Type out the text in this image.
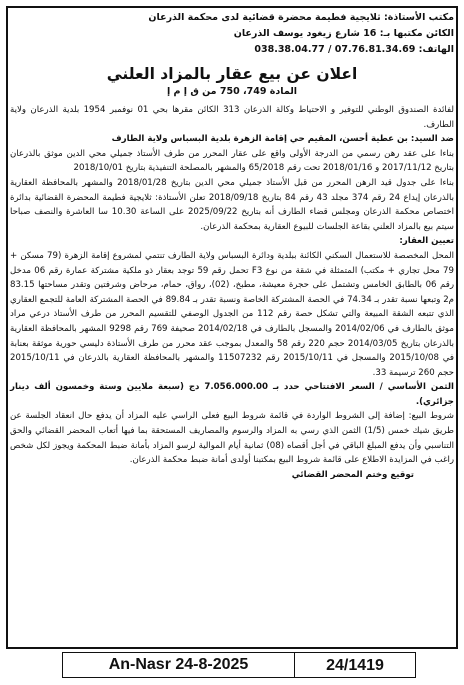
مكتب الأستاذة: ثلايجية فطيمة محضرة قضائية لدى محكمة الذرعان
الكائن مكتبها بـ: 16 شارع زيغود يوسف الذرعان
الهاتف: 07.76.81.34.69 / 038.38.04.77
اعلان عن بيع عقار بالمزاد العلني
المادة 749، 750 من ق إ م إ

لفائدة الصندوق الوطني للتوفير و الاحتياط وكالة الذرعان 313 الكائن مقرها بحي 01 نوفمبر 1954 بلدية الذرعان ولاية الطارف.

ضد السيد: بن عطية أحسن، المقيم حي إقامة الزهرة بلدية البسباس ولاية الطارف

بناءا على عقد رهن رسمي من الدرجة الأولى واقع على عقار المحرر من طرف الأستاذ جميلي محي الدين موثق بالذرعان بتاريخ 2017/11/12 و 2018/01/16 تحت رقم 65/2018 والمشهر بالمصلحة التنفيذية بتاريخ 2018/10/01

بناءا على جدول قيد الرهن المحرر من قبل الأستاذ جميلي محي الدين بتاريخ 2018/01/28 والمشهر بالمحافظة العقارية بالذرعان إيداع 24 رقم 374 مجلد 43 رقم 84 بتاريخ 2018/09/18 تعلن الأستاذة: ثلايجية فطيمة المحضرة القضائية بدائرة اختصاص محكمة الذرعان ومجلس قضاء الطارف أنه بتاريخ 2025/09/22 على الساعة 10.30 سا العاشرة والنصف صباحا سيتم بيع بالمزاد العلني بقاعة الجلسات للبيوع العقارية بمحكمة الذرعان.

تعيين العقار:

المحل المخصصة للاستعمال السكني الكائنة ببلدية ودائرة البسباس ولاية الطارف تنتمي لمشروع إقامة الزهرة (79 مسكن + 79 محل تجاري + مكتب) المتمثلة في شقة من نوع F3 تحمل رقم 59 توجد بعقار ذو ملكية مشتركة عمارة رقم 06 مدخل رقم 06 بالطابق الخامس وتشتمل على حجرة معيشة، مطبخ، (02)، رواق، حمام، مرحاض وشرفتين وتقدر مساحتها 83.15 م2 وتبعها نسبة تقدر بـ 74.34 في الحصة المشتركة الخاصة ونسبة تقدر بـ 89.84 في الحصة المشتركة العامة للتجمع العقاري الذي تتبعه الشقة المبيعة والتي تشكل حصة رقم 112 من الجدول الوصفي للتقسيم المحرر من طرف الأستاذ درعي مراد موثق بالطارف في 2014/02/06 والمسجل بالطارف في 2014/02/18 صحيفة 769 رقم 9298 المشهر بالمحافظة العقارية بالذرعان بتاريخ 2014/03/05 حجم 220 رقم 58 والمعدل بموجب عقد محرر من طرف الأستاذة دليسي حورية موثقة بعنابة في 2015/10/08 والمسجل في 2015/10/11 رقم 11507232 والمشهر بالمحافظة العقارية بالذرعان في 2015/10/11 حجم 260 ترسيمة 33.

الثمن الأساسي / السعر الافتتاحي حدد بـ 7.056.000.00 دج (سبعة ملايين وستة وخمسون ألف دينار جزائري).

شروط البيع: إضافة إلى الشروط الواردة في قائمة شروط البيع فعلى الراسي عليه المزاد أن يدفع حال انعقاد الجلسة عن طريق شيك خمس (1/5) الثمن الذي رسي به المزاد والرسوم والمصاريف المستحقة بما فيها أتعاب المحضر القضائي والحق التناسبي وأن يدفع المبلغ الباقي في أجل أقصاه (08) ثمانية أيام الموالية لرسو المزاد بأمانة ضبط المحكمة ويجوز لكل شخص راغب في المزايدة الاطلاع على قائمة شروط البيع بمكتبنا أولدى أمانة ضبط محكمة الذرعان.

توقيع وختم المحضر القضائي
An-Nasr 24-8-2025	24/1419
